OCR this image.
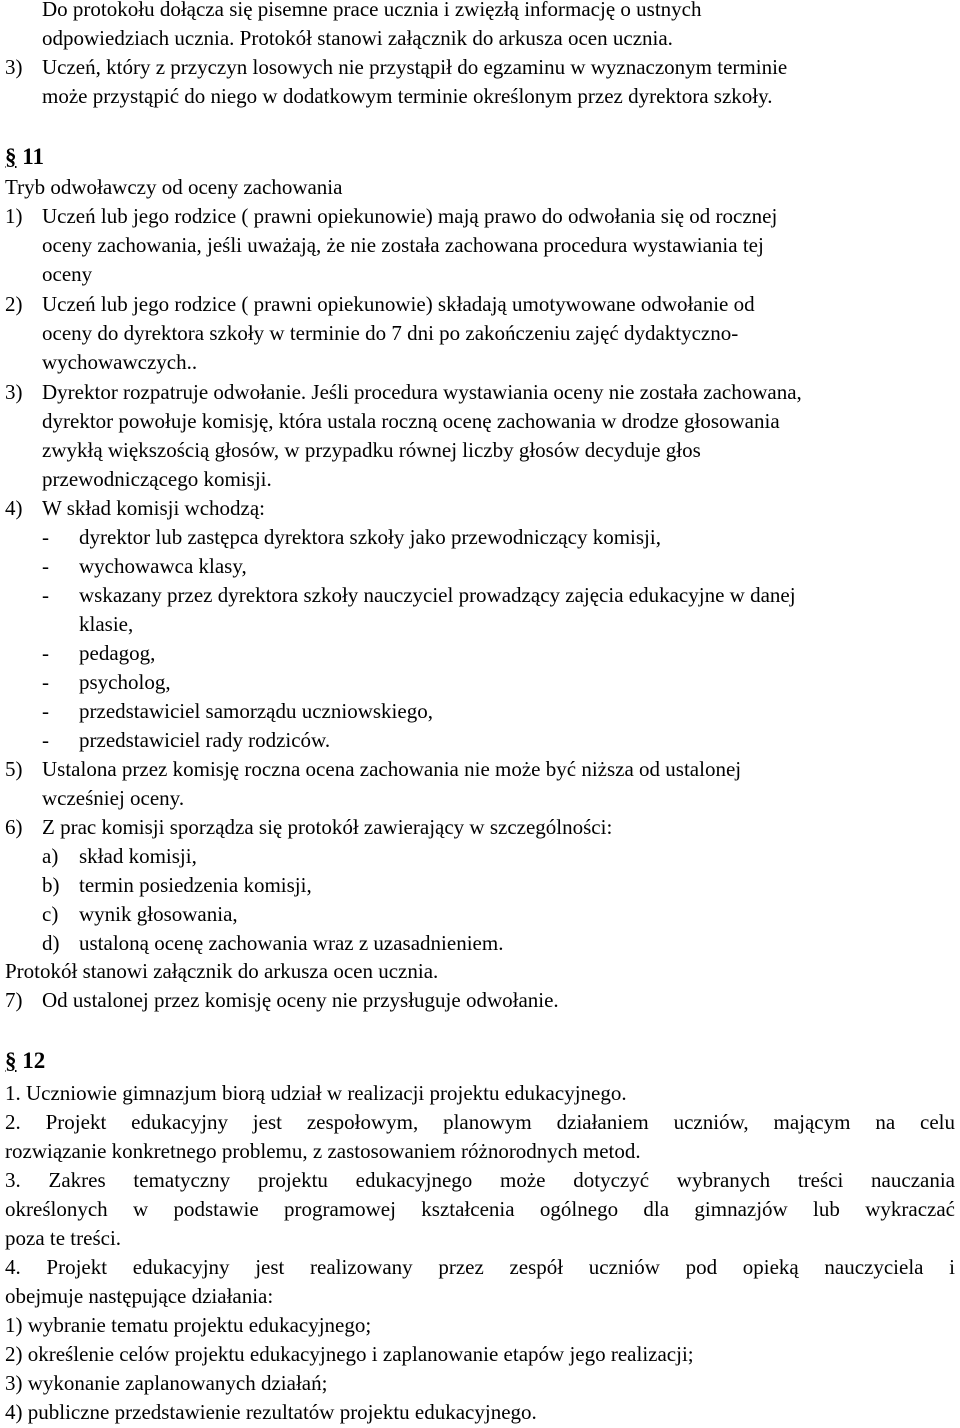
Do protokołu dołącza się pisemne prace ucznia i zwięzłą informację o ustnych
odpowiedziach ucznia. Protokół stanowi załącznik do arkusza ocen ucznia.
3) Uczeń, który z przyczyn losowych nie przystąpił do egzaminu w wyznaczonym terminie
może przystąpić do niego w dodatkowym terminie określonym przez dyrektora szkoły.
§ 11
Tryb odwoławczy od oceny zachowania
1) Uczeń lub jego rodzice ( prawni opiekunowie) mają prawo do odwołania się od rocznej
oceny zachowania, jeśli uważają, że nie została zachowana procedura wystawiania tej
oceny
2) Uczeń lub jego rodzice ( prawni opiekunowie) składają umotywowane odwołanie od
oceny do dyrektora szkoły w terminie do 7 dni po zakończeniu zajęć dydaktyczno-
wychowawczych..
3) Dyrektor rozpatruje odwołanie. Jeśli procedura wystawiania oceny nie została zachowana,
dyrektor powołuje komisję, która ustala roczną ocenę zachowania w drodze głosowania
zwykłą większością głosów, w przypadku równej liczby głosów decyduje głos
przewodniczącego komisji.
4) W skład komisji wchodzą:
- dyrektor lub zastępca dyrektora szkoły jako przewodniczący komisji,
- wychowawca klasy,
- wskazany przez dyrektora szkoły nauczyciel prowadzący zajęcia edukacyjne w danej
klasie,
- pedagog,
- psycholog,
- przedstawiciel samorządu uczniowskiego,
- przedstawiciel rady rodziców.
5) Ustalona przez komisję roczna ocena zachowania nie może być niższa od ustalonej
wcześniej oceny.
6) Z prac komisji sporządza się protokół zawierający w szczególności:
a) skład komisji,
b) termin posiedzenia komisji,
c) wynik głosowania,
d) ustaloną ocenę zachowania wraz z uzasadnieniem.
Protokół stanowi załącznik do arkusza ocen ucznia.
7) Od ustalonej przez komisję oceny nie przysługuje odwołanie.
§ 12
1. Uczniowie gimnazjum biorą udział w realizacji projektu edukacyjnego.
2. Projekt edukacyjny jest zespołowym, planowym działaniem uczniów, mającym na celu
rozwiązanie konkretnego problemu, z zastosowaniem różnorodnych metod.
3. Zakres tematyczny projektu edukacyjnego może dotyczyć wybranych treści nauczania
określonych w podstawie programowej kształcenia ogólnego dla gimnazjów lub wykraczać
poza te treści.
4. Projekt edukacyjny jest realizowany przez zespół uczniów pod opieką nauczyciela i
obejmuje następujące działania:
1) wybranie tematu projektu edukacyjnego;
2) określenie celów projektu edukacyjnego i zaplanowanie etapów jego realizacji;
3) wykonanie zaplanowanych działań;
4) publiczne przedstawienie rezultatów projektu edukacyjnego.
